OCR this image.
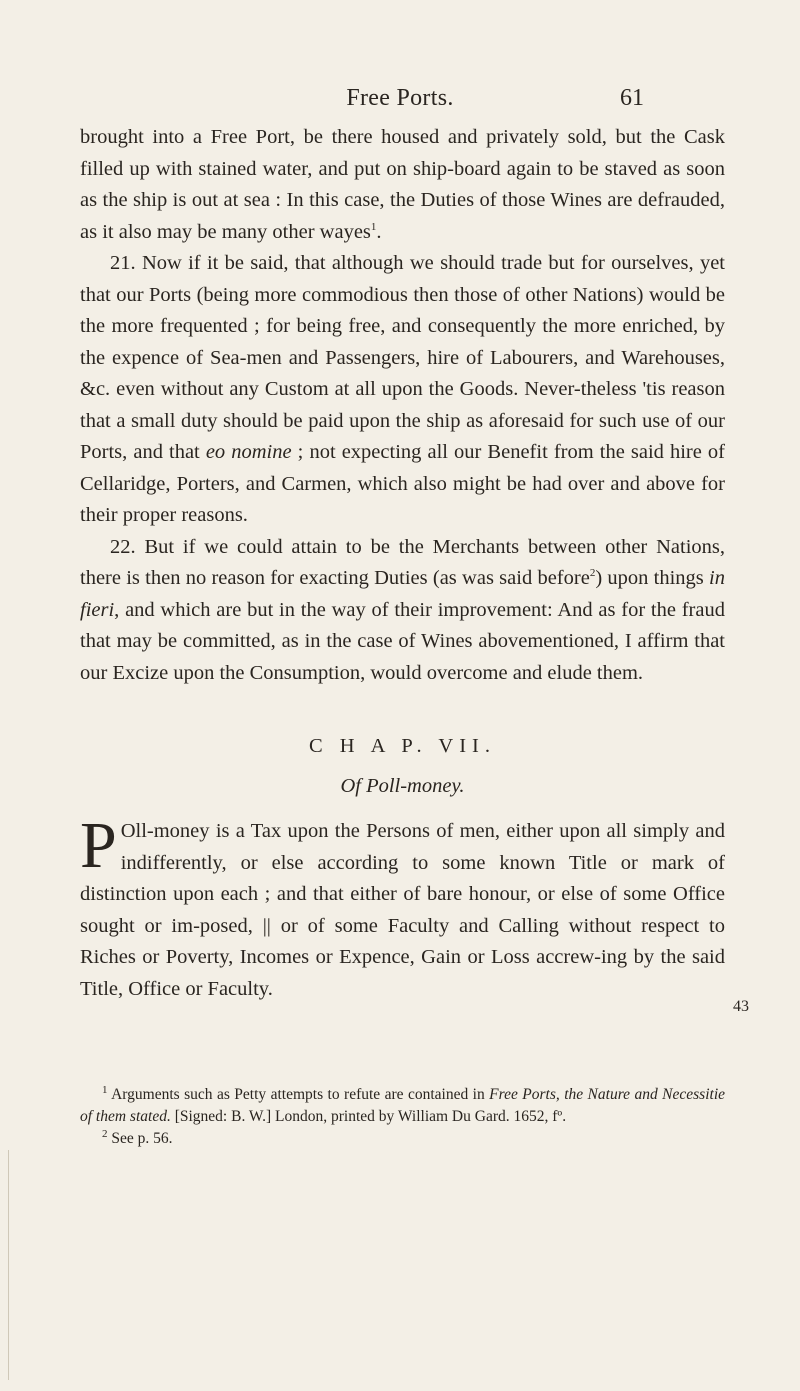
Free Ports.	61

brought into a Free Port, be there housed and privately sold, but the Cask filled up with stained water, and put on ship-board again to be staved as soon as the ship is out at sea : In this case, the Duties of those Wines are defrauded, as it also may be many other wayes$^1$.

21. Now if it be said, that although we should trade but for ourselves, yet that our Ports (being more commodious then those of other Nations) would be the more frequented ; for being free, and consequently the more enriched, by the expence of Sea-men and Passengers, hire of Labourers, and Warehouses, &c. even without any Custom at all upon the Goods. Never-theless 'tis reason that a small duty should be paid upon the ship as aforesaid for such use of our Ports, and that eo nomine ; not expecting all our Benefit from the said hire of Cellaridge, Porters, and Carmen, which also might be had over and above for their proper reasons.

22. But if we could attain to be the Merchants between other Nations, there is then no reason for exacting Duties (as was said before$^2$) upon things in fieri, and which are but in the way of their improvement: And as for the fraud that may be committed, as in the case of Wines abovementioned, I affirm that our Excize upon the Consumption, would overcome and elude them.

C H A P. VII.

Of Poll-money.

P Oll-money is a Tax upon the Persons of men, either upon all simply and indifferently, or else according to some known Title or mark of distinction upon each ; and that either of bare honour, or else of some Office sought or im-posed, || or of some Faculty and Calling without respect to Riches or Poverty, Incomes or Expence, Gain or Loss accrew-ing by the said Title, Office or Faculty.

43

$^1$ Arguments such as Petty attempts to refute are contained in Free Ports, the Nature and Necessitie of them stated. [Signed: B. W.] London, printed by William Du Gard. 1652, fº.

$^2$ See p. 56.
